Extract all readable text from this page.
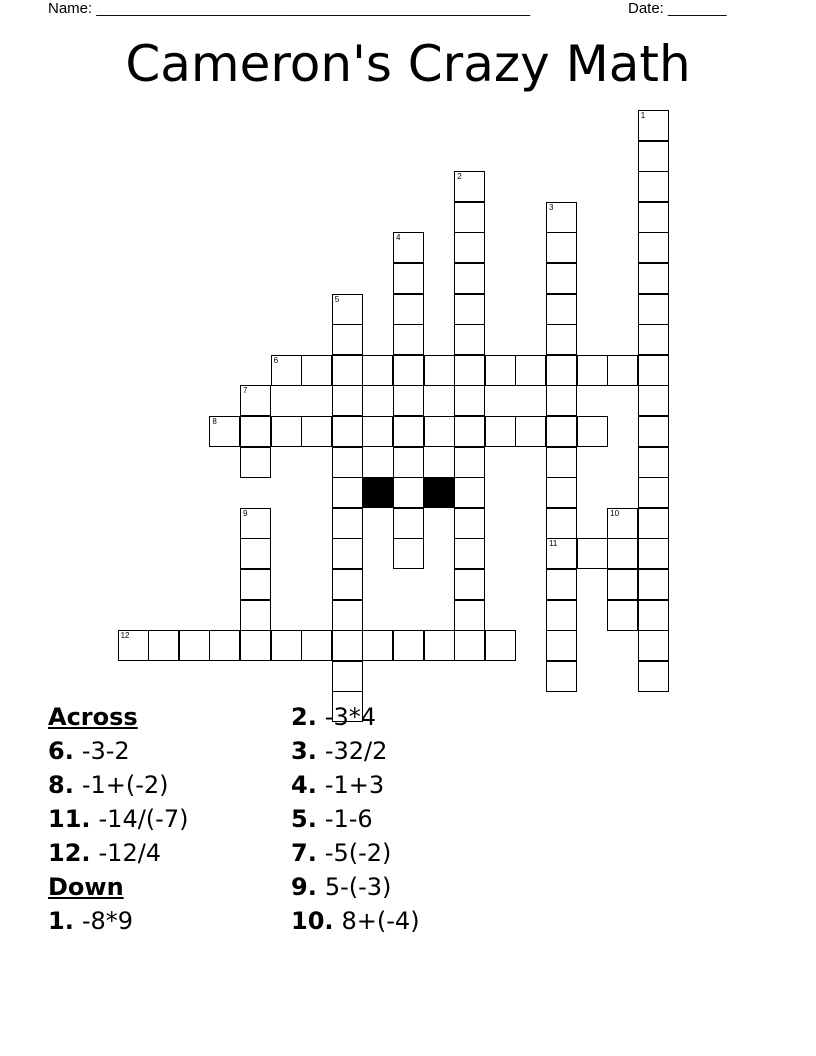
Name: ____________________________________________________	Date: _______
Cameron's Crazy Math
1
2
3
11
4
5
6
7
8
9	10
12
Across
6. -3-2
8. -1+(-2)
11. -14/(-7)
12. -12/4
Down
1. -8*9
2. -3*4
3. -32/2
4. -1+3
5. -1-6
7. -5(-2)
9. 5-(-3)
10. 8+(-4)
